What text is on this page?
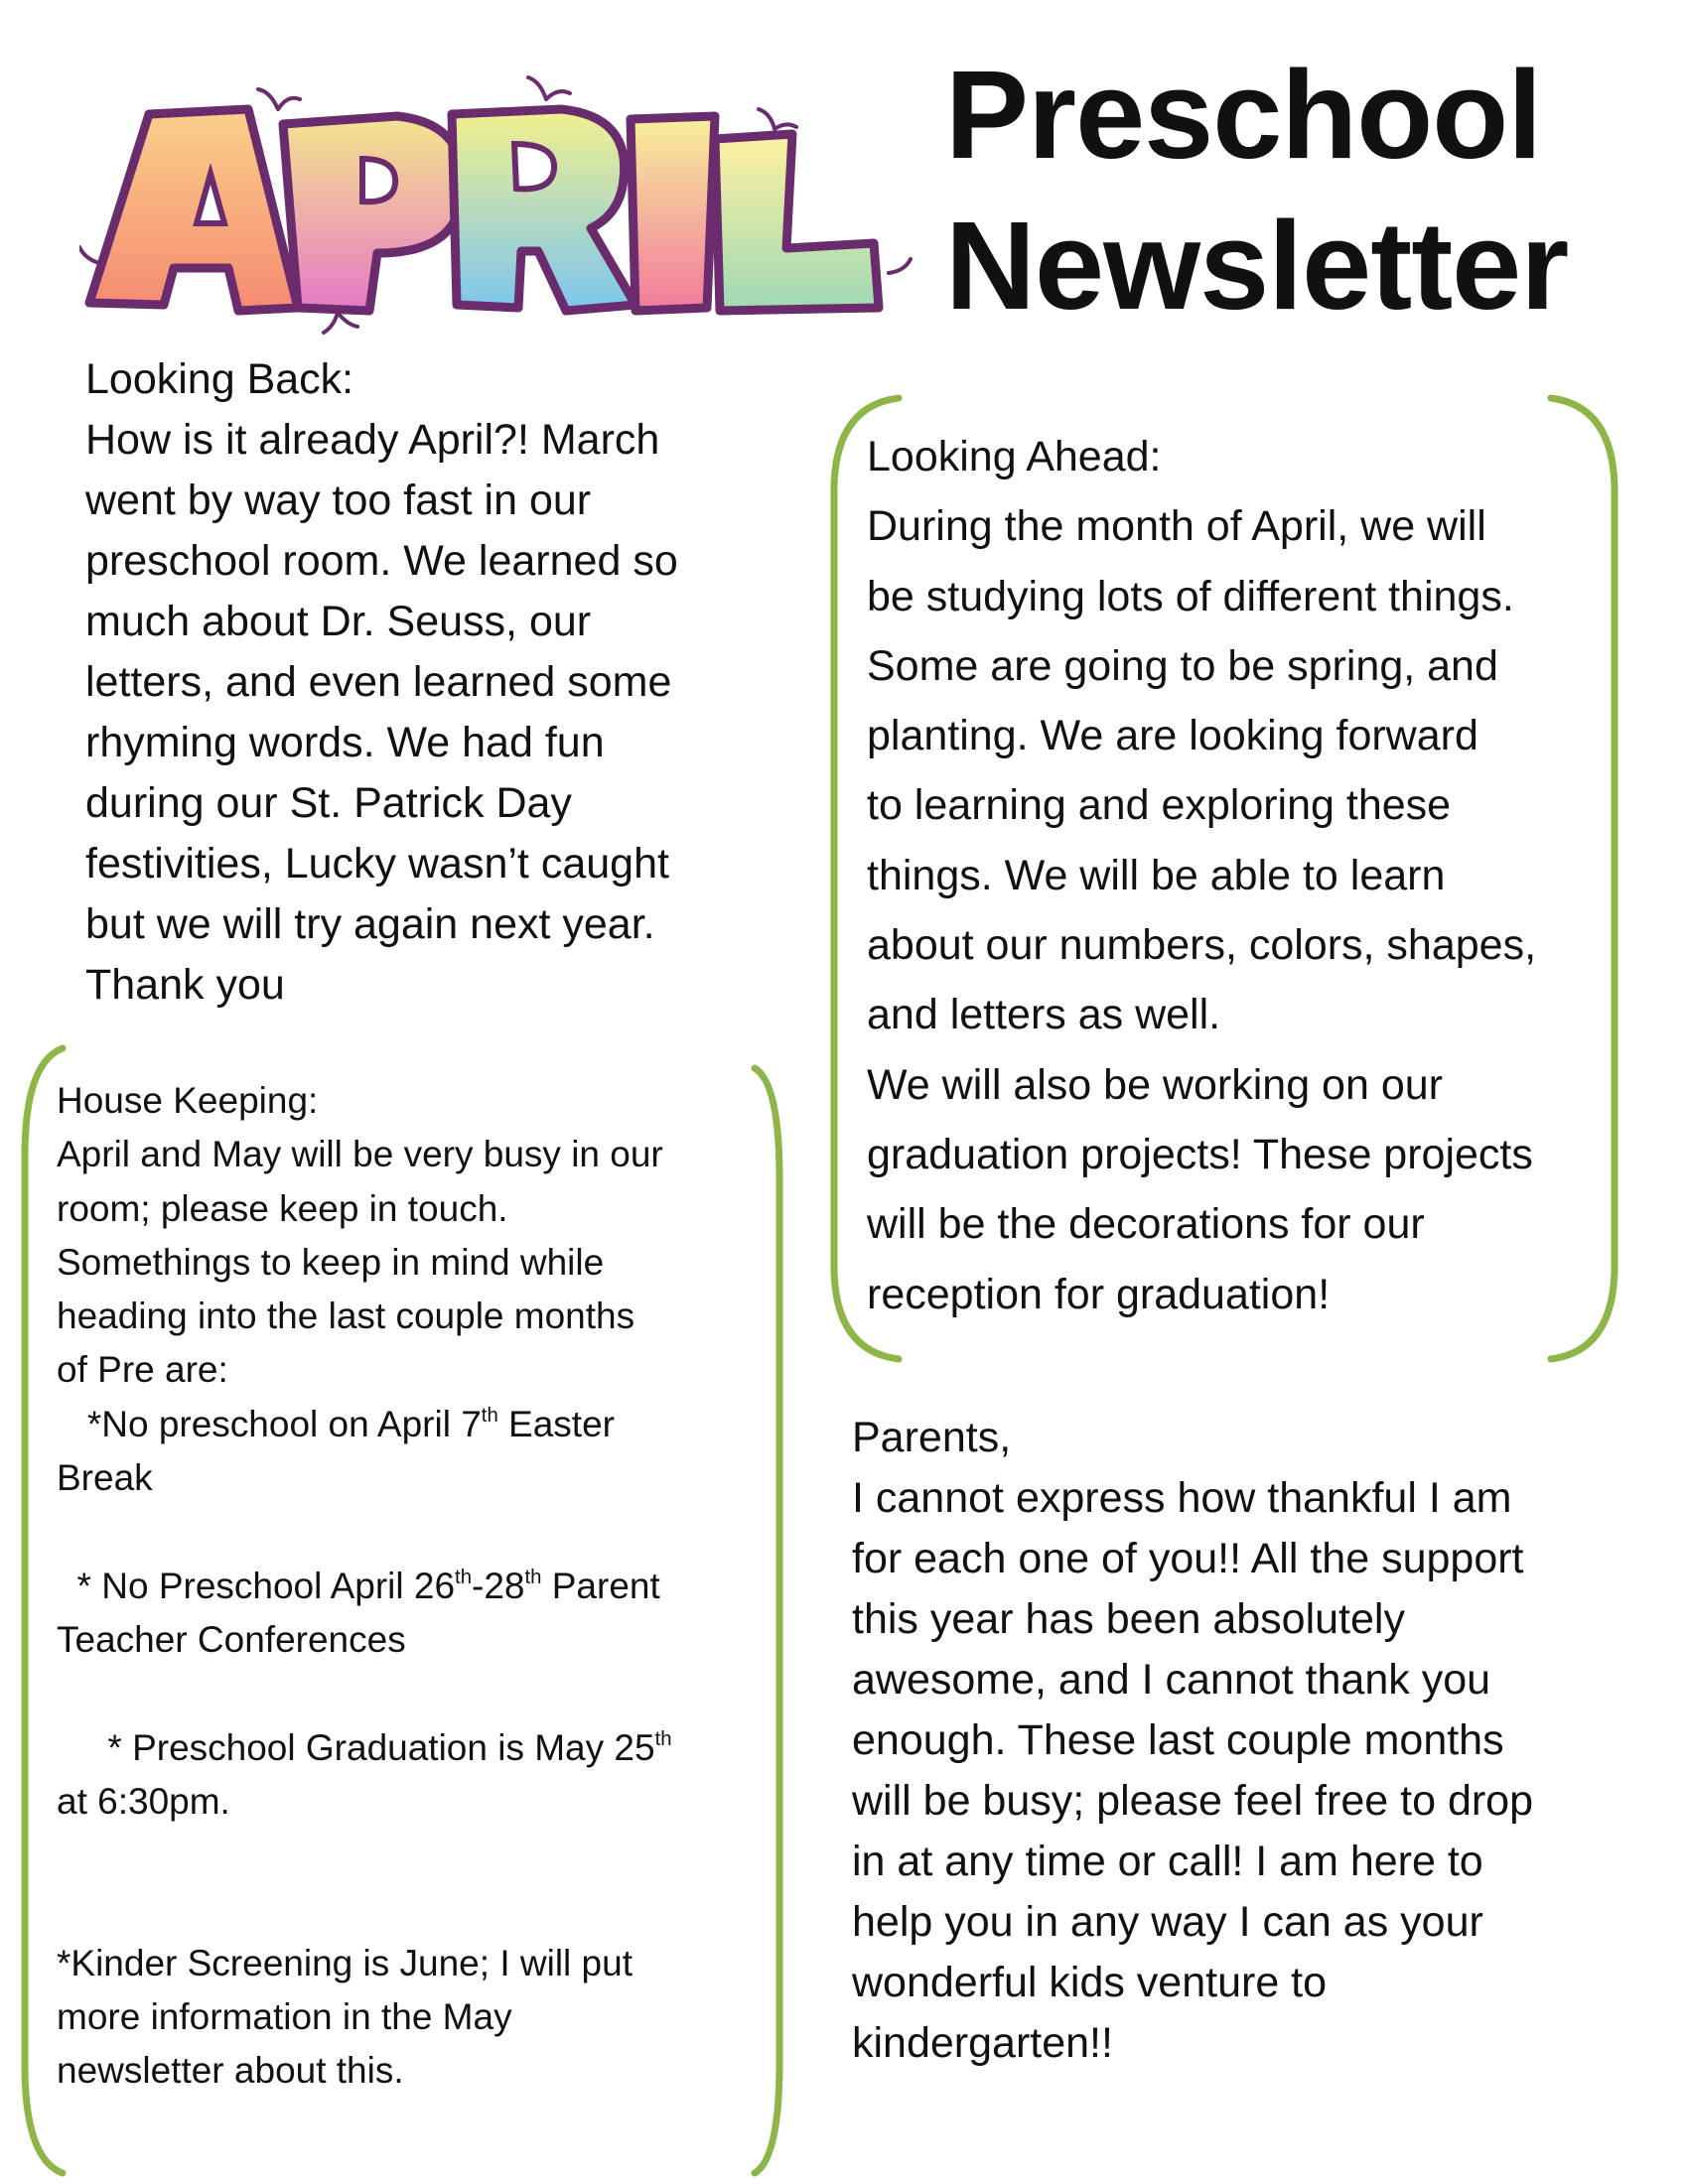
Preschool
Newsletter
Looking Back:
How is it already April?! March
went by way too fast in our
preschool room. We learned so
much about Dr. Seuss, our
letters, and even learned some
rhyming words. We had fun
during our St. Patrick Day
festivities, Lucky wasn’t caught
but we will try again next year.
Thank you
Looking Ahead:
During the month of April, we will
be studying lots of different things.
Some are going to be spring, and
planting. We are looking forward
to learning and exploring these
things. We will be able to learn
about our numbers, colors, shapes,
and letters as well.
We will also be working on our
graduation projects! These projects
will be the decorations for our
reception for graduation!
House Keeping:
April and May will be very busy in our
room; please keep in touch.
Somethings to keep in mind while
heading into the last couple months
of Pre are:
*No preschool on April 7th Easter
Break

* No Preschool April 26th-28th Parent
Teacher Conferences

* Preschool Graduation is May 25th
at 6:30pm.

*Kinder Screening is June; I will put
more information in the May
newsletter about this.
Parents,
I cannot express how thankful I am
for each one of you!! All the support
this year has been absolutely
awesome, and I cannot thank you
enough. These last couple months
will be busy; please feel free to drop
in at any time or call! I am here to
help you in any way I can as your
wonderful kids venture to
kindergarten!!
